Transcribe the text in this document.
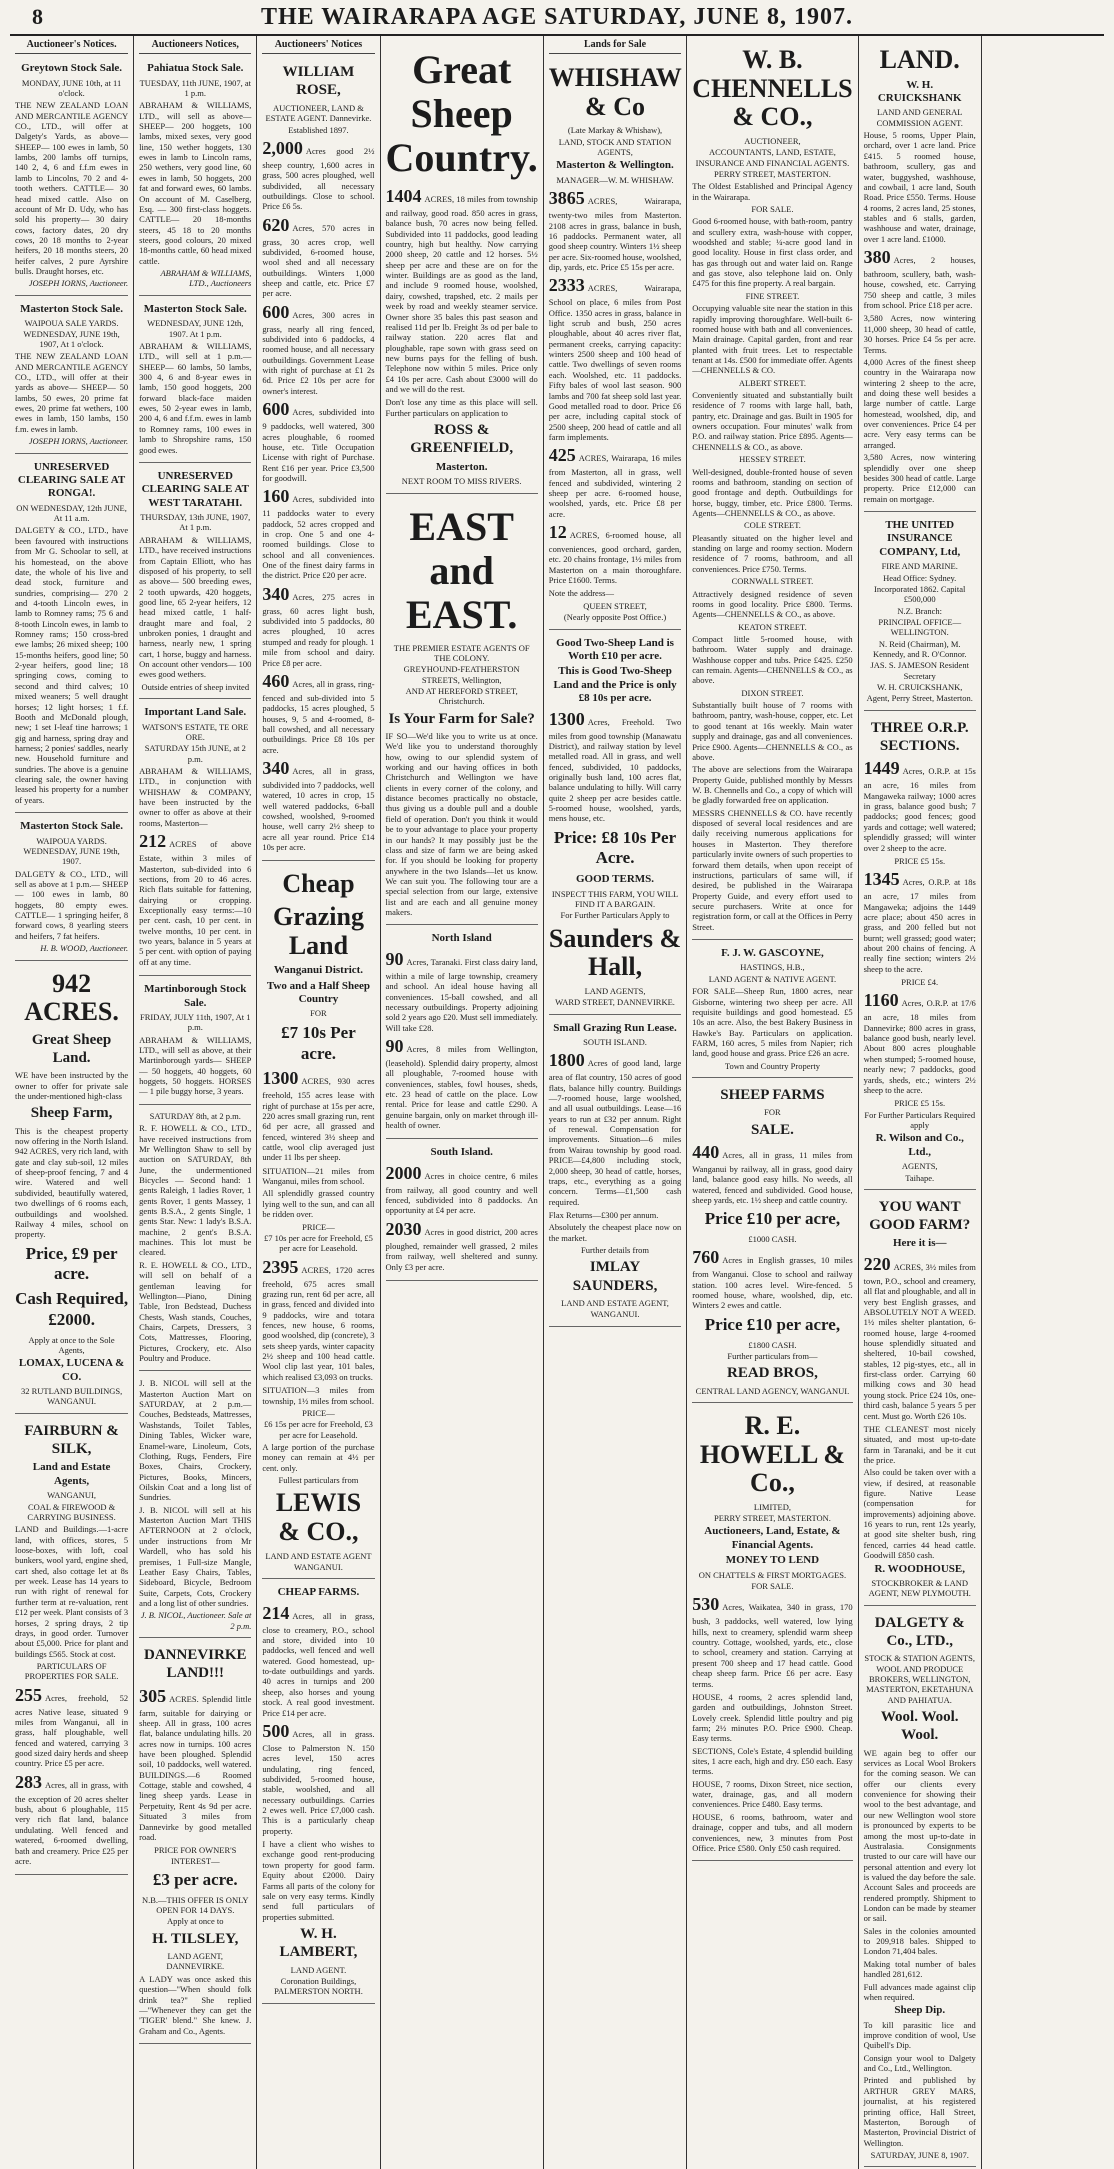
8	THE WAIRARAPA AGE SATURDAY, JUNE 8, 1907.
Auctioneer's Notices.
Greytown Stock Sale.
MONDAY, JUNE 10th, at 11 o'clock.
THE NEW ZEALAND LOAN AND MERCANTILE AGENCY CO., LTD., will offer at Dalgety's Yards, as above— SHEEP— 100 ewes in lamb, 50 lambs, 200 lambs off turnips, 140 2, 4, 6 and f.f.m ewes in lamb to Lincolns, 70 2 and 4-tooth wethers. CATTLE— 30 head mixed cattle. Also on account of Mr D. Udy, who has sold his property— 30 dairy cows, factory dates, 20 dry cows, 20 18 months to 2-year heifers, 20 18 months steers, 20 heifer calves, 2 pure Ayrshire bulls. Draught horses, etc.
JOSEPH IORNS, Auctioneer.
Masterton Stock Sale.
WAIPOUA SALE YARDS. WEDNESDAY, JUNE 19th, 1907, At 1 o'clock.
THE NEW ZEALAND LOAN AND MERCANTILE AGENCY CO., LTD., will offer at their yards as above— SHEEP— 50 lambs, 50 ewes, 20 prime fat ewes, 20 prime fat wethers, 100 ewes in lamb, 150 lambs, 150 f.m. ewes in lamb.
JOSEPH IORNS, Auctioneer.
UNRESERVED CLEARING SALE AT RONGA!.
ON WEDNESDAY, 12th JUNE, At 11 a.m.
DALGETY & CO., LTD., have been favoured with instructions from Mr G. Schoolar to sell, at his homestead, on the above date, the whole of his live and dead stock, furniture and sundries, comprising— 270 2 and 4-tooth Lincoln ewes, in lamb to Romney rams; 75 6 and 8-tooth Lincoln ewes, in lamb to Romney rams; 150 cross-bred ewe lambs; 26 mixed sheep; 100 15-months heifers, good line; 50 2-year heifers, good line; 18 springing cows, coming to second and third calves; 10 mixed weaners; 5 well draught horses; 12 light horses; 1 f.f. Booth and McDonald plough, new; 1 set I-leaf tine harrows; 1 gig and harness, spring dray and harness; 2 ponies' saddles, nearly new. Household furniture and sundries. The above is a genuine clearing sale, the owner having leased his property for a number of years.
Masterton Stock Sale.
WAIPOUA YARDS. WEDNESDAY, JUNE 19th, 1907.
DALGETY & CO., LTD., will sell as above at 1 p.m.— SHEEP— 100 ewes in lamb, 80 hoggets, 80 empty ewes. CATTLE— 1 springing heifer, 8 forward cows, 8 yearling steers and heifers, 7 fat heifers.
H. B. WOOD, Auctioneer.
942 ACRES.
Great Sheep Land.
WE have been instructed by the owner to offer for private sale the under-mentioned high-class
Sheep Farm,
This is the cheapest property now offering in the North Island. 942 ACRES, very rich land, with gate and clay sub-soil, 12 miles of sheep-proof fencing, 7 and 4 wire. Watered and well subdivided, beautifully watered, two dwellings of 6 rooms each, outbuildings and woolshed. Railway 4 miles, school on property.
Price, £9 per acre.
Cash Required, £2000.
Apply at once to the Sole Agents,
LOMAX, LUCENA & CO.
32 RUTLAND BUILDINGS, WANGANUI.
FAIRBURN & SILK,
Land and Estate Agents,
WANGANUI,
COAL & FIREWOOD & CARRYING BUSINESS.
LAND and Buildings.—1-acre land, with offices, stores, 5 loose-boxes, with loft, coal bunkers, wool yard, engine shed, cart shed, also cottage let at 8s per week. Lease has 14 years to run with right of renewal for further term at re-valuation, rent £12 per week. Plant consists of 3 horses, 2 spring drays, 2 tip drays, in good order. Turnover about £5,000. Price for plant and buildings £565. Stock at cost.
PARTICULARS OF PROPERTIES FOR SALE.
255 Acres, freehold, 52 acres Native lease, situated 9 miles from Wanganui, all in grass, half ploughable, well fenced and watered, carrying 3 good sized dairy herds and sheep country. Price £5 per acre.
283 Acres, all in grass, with the exception of 20 acres shelter bush, about 6 ploughable, 115 very rich flat land, balance undulating. Well fenced and watered, 6-roomed dwelling, bath and creamery. Price £25 per acre.
Auctioneers Notices,
Pahiatua Stock Sale.
TUESDAY, 11th JUNE, 1907, at 1 p.m.
ABRAHAM & WILLIAMS, LTD., will sell as above— SHEEP— 200 hoggets, 100 lambs, mixed sexes, very good line, 150 wether hoggets, 130 ewes in lamb to Lincoln rams, 250 wethers, very good line, 60 ewes in lamb, 50 hoggets, 200 fat and forward ewes, 60 lambs. On account of M. Caselberg, Esq. — 300 first-class hoggets. CATTLE— 20 18-months steers, 45 18 to 20 months steers, good colours, 20 mixed 18-months cattle, 60 head mixed cattle.
ABRAHAM & WILLIAMS, LTD., Auctioneers
Masterton Stock Sale.
WEDNESDAY, JUNE 12th, 1907. At 1 p.m.
ABRAHAM & WILLIAMS, LTD., will sell at 1 p.m.— SHEEP— 60 lambs, 50 lambs, 300 4, 6 and 8-year ewes in lamb, 150 good hoggets, 200 forward black-face maiden ewes, 50 2-year ewes in lamb, 200 4, 6 and f.f.m. ewes in lamb to Romney rams, 100 ewes in lamb to Shropshire rams, 150 good ewes.
UNRESERVED CLEARING SALE AT WEST TARATAHI.
THURSDAY, 13th JUNE, 1907, At 1 p.m.
ABRAHAM & WILLIAMS, LTD., have received instructions from Captain Elliott, who has disposed of his property, to sell as above— 500 breeding ewes, 2 tooth upwards, 420 hoggets, good line, 65 2-year heifers, 12 head mixed cattle, 1 half-draught mare and foal, 2 unbroken ponies, 1 draught and harness, nearly new, 1 spring cart, 1 horse, buggy and harness. On account other vendors— 100 ewes good wethers.
Outside entries of sheep invited
Important Land Sale.
WATSON'S ESTATE, TE ORE ORE.
SATURDAY 15th JUNE, at 2 p.m.
ABRAHAM & WILLIAMS, LTD., in conjunction with WHISHAW & COMPANY, have been instructed by the owner to offer as above at their rooms, Masterton—
212 ACRES of above Estate, within 3 miles of Masterton, sub-divided into 6 sections, from 20 to 46 acres. Rich flats suitable for fattening, dairying or cropping. Exceptionally easy terms:—10 per cent. cash, 10 per cent. in twelve months, 10 per cent. in two years, balance in 5 years at 5 per cent. with option of paying off at any time.
Martinborough Stock Sale.
FRIDAY, JULY 11th, 1907, At 1 p.m.
ABRAHAM & WILLIAMS, LTD., will sell as above, at their Martinborough yards— SHEEP— 50 hoggets, 40 hoggets, 60 hoggets, 50 hoggets. HORSES— 1 pile buggy horse, 3 years.
SATURDAY 8th, at 2 p.m.
R. F. HOWELL & CO., LTD., have received instructions from Mr Wellington Shaw to sell by auction on SATURDAY, 8th June, the undermentioned Bicycles — Second hand: 1 gents Raleigh, 1 ladies Rover, 1 gents Rover, 1 gents Massey, 1 gents B.S.A., 2 gents Single, 1 gents Star. New: 1 lady's B.S.A. machine, 2 gent's B.S.A. machines. This lot must be cleared.
R. E. HOWELL & CO., LTD., will sell on behalf of a gentleman leaving for Wellington—Piano, Dining Table, Iron Bedstead, Duchess Chests, Wash stands, Couches, Chairs, Carpets, Dressers, 3 Cots, Mattresses, Flooring, Pictures, Crockery, etc. Also Poultry and Produce.
J. B. NICOL will sell at the Masterton Auction Mart on SATURDAY, at 2 p.m.—Couches, Bedsteads, Mattresses, Washstands, Toilet Tables, Dining Tables, Wicker ware, Enamel-ware, Linoleum, Cots, Clothing, Rugs, Fenders, Fire Boxes, Chairs, Crockery, Pictures, Books, Mincers, Oilskin Coat and a long list of Sundries.
J. B. NICOL will sell at his Masterton Auction Mart THIS AFTERNOON at 2 o'clock, under instructions from Mr Wardell, who has sold his premises, 1 Full-size Mangle, Leather Easy Chairs, Tables, Sideboard, Bicycle, Bedroom Suite, Carpets, Cots, Crockery and a long list of other sundries.
J. B. NICOL, Auctioneer. Sale at 2 p.m.
DANNEVIRKE LAND!!!
305 ACRES. Splendid little farm, suitable for dairying or sheep. All in grass, 100 acres flat, balance undulating hills. 20 acres now in turnips. 100 acres have been ploughed. Splendid soil, 10 paddocks, well watered. BUILDINGS.—6 Roomed Cottage, stable and cowshed, 4 lineg sheep yards. Lease in Perpetuity, Rent 4s 9d per acre. Situated 3 miles from Dannevirke by good metalled road.
PRICE FOR OWNER'S INTEREST—
£3 per acre.
N.B.—THIS OFFER IS ONLY OPEN FOR 14 DAYS.
Apply at once to
H. TILSLEY,
LAND AGENT, DANNEVIRKE.
A LADY was once asked this question—"When should folk drink tea?" She replied—"Whenever they can get the 'TIGER' blend." She knew. J. Graham and Co., Agents.
Auctioneers' Notices
WILLIAM ROSE,
AUCTIONEER, LAND & ESTATE AGENT. Dannevirke.
Established 1897.
2,000 Acres good 2½ sheep country, 1,600 acres in grass, 500 acres ploughed, well subdivided, all necessary outbuildings. Close to school. Price £6 5s.
620 Acres, 570 acres in grass, 30 acres crop, well subdivided, 6-roomed house, wool shed and all necessary outbuildings. Winters 1,000 sheep and cattle, etc. Price £7 per acre.
600 Acres, 300 acres in grass, nearly all ring fenced, subdivided into 6 paddocks, 4 roomed house, and all necessary outbuildings. Government Lease with right of purchase at £1 2s 6d. Price £2 10s per acre for owner's interest.
600 Acres, subdivided into 9 paddocks, well watered, 300 acres ploughable, 6 roomed house, etc. Title Occupation License with right of Purchase. Rent £16 per year. Price £3,500 for goodwill.
160 Acres, subdivided into 11 paddocks water to every paddock, 52 acres cropped and in crop. One 5 and one 4-roomed buildings. Close to school and all conveniences. One of the finest dairy farms in the district. Price £20 per acre.
340 Acres, 275 acres in grass, 60 acres light bush, subdivided into 5 paddocks, 80 acres ploughed, 10 acres stumped and ready for plough. 1 mile from school and dairy. Price £8 per acre.
460 Acres, all in grass, ring-fenced and sub-divided into 5 paddocks, 15 acres ploughed, 5 houses, 9, 5 and 4-roomed, 8-ball cowshed, and all necessary outbuildings. Price £8 10s per acre.
340 Acres, all in grass, subdivided into 7 paddocks, well watered, 10 acres in crop, 15 well watered paddocks, 6-ball cowshed, woolshed, 9-roomed house, well carry 2½ sheep to acre all year round. Price £14 10s per acre.
Cheap
Grazing Land
Wanganui District.
Two and a Half Sheep Country
FOR
£7 10s Per acre.
1300 ACRES, 930 acres freehold, 155 acres lease with right of purchase at 15s per acre, 220 acres small grazing run, rent 6d per acre, all grassed and fenced, wintered 3½ sheep and cattle, wool clip averaged just under 11 lbs per sheep.
SITUATION—21 miles from Wanganui, miles from school.
All splendidly grassed country lying well to the sun, and can all be ridden over.
PRICE—
£7 10s per acre for Freehold, £5 per acre for Leasehold.
2395 ACRES, 1720 acres freehold, 675 acres small grazing run, rent 6d per acre, all in grass, fenced and divided into 9 paddocks, wire and totara fences, new house, 6 rooms, good woolshed, dip (concrete), 3 sets sheep yards, winter capacity 2½ sheep and 100 head cattle. Wool clip last year, 101 bales, which realised £3,093 on trucks.
SITUATION—3 miles from township, 1½ miles from school.
PRICE—
£6 15s per acre for Freehold, £3 per acre for Leasehold.
A large portion of the purchase money can remain at 4½ per cent. only.
Fullest particulars from
LEWIS & CO.,
LAND AND ESTATE AGENT
WANGANUI.
CHEAP FARMS.
214 Acres, all in grass, close to creamery, P.O., school and store, divided into 10 paddocks, well fenced and well watered. Good homestead, up-to-date outbuildings and yards. 40 acres in turnips and 200 sheep, also horses and young stock. A real good investment. Price £14 per acre.
500 Acres, all in grass. Close to Palmerston N. 150 acres level, 150 acres undulating, ring fenced, subdivided, 5-roomed house, stable, woolshed, and all necessary outbuildings. Carries 2 ewes well. Price £7,000 cash. This is a particularly cheap property.
I have a client who wishes to exchange good rent-producing town property for good farm. Equity about £2000. Dairy Farms all parts of the colony for sale on very easy terms. Kindly send full particulars of properties submitted.
W. H. LAMBERT,
LAND AGENT.
Coronation Buildings, PALMERSTON NORTH.
Great Sheep Country.
1404 ACRES, 18 miles from township and railway, good road. 850 acres in grass, balance bush, 70 acres now being felled. Subdivided into 11 paddocks, good leading country, high but healthy. Now carrying 2000 sheep, 20 cattle and 12 horses. 5½ sheep per acre and these are on for the winter. Buildings are as good as the land, and include 9 roomed house, woolshed, dairy, cowshed, trapshed, etc. 2 mails per week by road and weekly steamer service. Owner shore 35 bales this past season and realised 11d per lb. Freight 3s od per bale to railway station. 220 acres flat and ploughable, rape sown with grass seed on new burns pays for the felling of bush. Telephone now within 5 miles. Price only £4 10s per acre. Cash about £3000 will do and we will do the rest.
Don't lose any time as this place will sell. Further particulars on application to
ROSS & GREENFIELD,
Masterton.
NEXT ROOM TO MISS RIVERS.
EAST and EAST.
THE PREMIER ESTATE AGENTS OF THE COLONY.
GREYHOUND-FEATHERSTON STREETS, Wellington,
AND AT HEREFORD STREET, Christchurch.
Is Your Farm for Sale?
IF SO—We'd like you to write us at once. We'd like you to understand thoroughly how, owing to our splendid system of working and our having offices in both Christchurch and Wellington we have clients in every corner of the colony, and distance becomes practically no obstacle, thus giving us a double pull and a double field of operation. Don't you think it would be to your advantage to place your property in our hands? It may possibly just be the class and size of farm we are being asked for. If you should be looking for property anywhere in the two Islands—let us know. We can suit you. The following tour are a special selection from our large, extensive list and are each and all genuine money makers.
North Island
90 Acres, Taranaki. First class dairy land, within a mile of large township, creamery and school. An ideal house having all conveniences. 15-ball cowshed, and all necessary outbuildings. Property adjoining sold 2 years ago £20. Must sell immediately. Will take £28.
90 Acres, 8 miles from Wellington, (leasehold). Splendid dairy property, almost all ploughable, 7-roomed house with conveniences, stables, fowl houses, sheds, etc. 23 head of cattle on the place. Low rental. Price for lease and cattle £290. A genuine bargain, only on market through ill-health of owner.
South Island.
2000 Acres in choice centre, 6 miles from railway, all good country and well fenced, subdivided into 8 paddocks. An opportunity at £4 per acre.
2030 Acres in good district, 200 acres ploughed, remainder well grassed, 2 miles from railway, well sheltered and sunny. Only £3 per acre.
Lands for Sale
WHISHAW & Co
(Late Markay & Whishaw),
LAND, STOCK AND STATION AGENTS,
Masterton & Wellington.
MANAGER—W. M. WHISHAW.
3865 ACRES, Wairarapa, twenty-two miles from Masterton. 2108 acres in grass, balance in bush, 16 paddocks. Permanent water, all good sheep country. Winters 1½ sheep per acre. Six-roomed house, woolshed, dip, yards, etc. Price £5 15s per acre.
2333 ACRES, Wairarapa, School on place, 6 miles from Post Office. 1350 acres in grass, balance in light scrub and bush, 250 acres ploughable, about 40 acres river flat, permanent creeks, carrying capacity: winters 2500 sheep and 100 head of cattle. Two dwellings of seven rooms each. Woolshed, etc. 11 paddocks. Fifty bales of wool last season. 900 lambs and 700 fat sheep sold last year. Good metalled road to door. Price £6 per acre, including capital stock of 2500 sheep, 200 head of cattle and all farm implements.
425 ACRES, Wairarapa, 16 miles from Masterton, all in grass, well fenced and subdivided, wintering 2 sheep per acre. 6-roomed house, woolshed, yards, etc. Price £8 per acre.
12 ACRES, 6-roomed house, all conveniences, good orchard, garden, etc. 20 chains frontage, 1½ miles from Masterton on a main thoroughfare. Price £1600. Terms.
Note the address—
QUEEN STREET,
(Nearly opposite Post Office.)
Good Two-Sheep Land is Worth £10 per acre.
This is Good Two-Sheep Land and the Price is only £8 10s per acre.
1300 Acres, Freehold. Two miles from good township (Manawatu District), and railway station by level metalled road. All in grass, and well fenced, subdivided, 10 paddocks, originally bush land, 100 acres flat, balance undulating to hilly. Will carry quite 2 sheep per acre besides cattle. 5-roomed house, woolshed, yards, mens house, etc.
Price: £8 10s Per Acre.
GOOD TERMS.
INSPECT THIS FARM, YOU WILL FIND IT A BARGAIN.
For Further Particulars Apply to
Saunders & Hall,
LAND AGENTS,
WARD STREET, DANNEVIRKE.
Small Grazing Run Lease.
SOUTH ISLAND.
1800 Acres of good land, large area of flat country, 150 acres of good flats, balance hilly country. Buildings—7-roomed house, large woolshed, and all usual outbuildings. Lease—16 years to run at £32 per annum. Right of renewal. Compensation for improvements. Situation—6 miles from Wairau township by good road. PRICE—£4,800 including stock, 2,000 sheep, 30 head of cattle, horses, traps, etc., everything as a going concern. Terms—£1,500 cash required.
Flax Returns—£300 per annum.
Absolutely the cheapest place now on the market.
Further details from
IMLAY SAUNDERS,
LAND AND ESTATE AGENT,
WANGANUI.
W. B. CHENNELLS & CO.,
AUCTIONEER,
ACCOUNTANTS, LAND, ESTATE, INSURANCE AND FINANCIAL AGENTS.
PERRY STREET, MASTERTON.
The Oldest Established and Principal Agency in the Wairarapa.
FOR SALE.
Good 6-roomed house, with bath-room, pantry and scullery extra, wash-house with copper, woodshed and stable; ¼-acre good land in good locality. House in first class order, and has gas through out and water laid on. Range and gas stove, also telephone laid on. Only £475 for this fine property. A real bargain.
FINE STREET.
Occupying valuable site near the station in this rapidly improving thoroughfare. Well-built 6-roomed house with bath and all conveniences. Main drainage. Capital garden, front and rear planted with fruit trees. Let to respectable tenant at 14s. £500 for immediate offer. Agents—CHENNELLS & CO.
ALBERT STREET.
Conveniently situated and substantially built residence of 7 rooms with large hall, bath, pantry, etc. Drainage and gas. Built in 1905 for owners occupation. Four minutes' walk from P.O. and railway station. Price £895. Agents—CHENNELLS & CO., as above.
HESSEY STREET.
Well-designed, double-fronted house of seven rooms and bathroom, standing on section of good frontage and depth. Outbuildings for horse, buggy, timber, etc. Price £800. Terms. Agents—CHENNELLS & CO., as above.
COLE STREET.
Pleasantly situated on the higher level and standing on large and roomy section. Modern residence of 7 rooms, bathroom, and all conveniences. Price £750. Terms.
CORNWALL STREET.
Attractively designed residence of seven rooms in good locality. Price £800. Terms. Agents—CHENNELLS & CO., as above.
KEATON STREET.
Compact little 5-roomed house, with bathroom. Water supply and drainage. Washhouse copper and tubs. Price £425. £250 can remain. Agents—CHENNELLS & CO., as above.
DIXON STREET.
Substantially built house of 7 rooms with bathroom, pantry, wash-house, copper, etc. Let to good tenant at 16s weekly. Main water supply and drainage, gas and all conveniences. Price £900. Agents—CHENNELLS & CO., as above.
The above are selections from the Wairarapa Property Guide, published monthly by Messrs W. B. Chennells and Co., a copy of which will be gladly forwarded free on application.
MESSRS CHENNELLS & CO. have recently disposed of several local residences and are daily receiving numerous applications for houses in Masterton. They therefore particularly invite owners of such properties to forward them details, when upon receipt of instructions, particulars of same will, if desired, be published in the Wairarapa Property Guide, and every effort used to secure purchasers. Write at once for registration form, or call at the Offices in Perry Street.
F. J. W. GASCOYNE,
HASTINGS, H.B.,
LAND AGENT & NATIVE AGENT.
FOR SALE—Sheep Run, 1800 acres, near Gisborne, wintering two sheep per acre. All requisite buildings and good homestead. £5 10s an acre. Also, the best Bakery Business in Hawke's Bay. Particulars on application. FARM, 160 acres, 5 miles from Napier; rich land, good house and grass. Price £26 an acre.
Town and Country Property
SHEEP FARMS
FOR
SALE.
440 Acres, all in grass, 11 miles from Wanganui by railway, all in grass, good dairy land, balance good easy hills. No weeds, all watered, fenced and subdivided. Good house, sheep yards, etc. 1½ sheep and cattle country.
Price £10 per acre,
£1000 CASH.
760 Acres in English grasses, 10 miles from Wanganui. Close to school and railway station. 100 acres level. Wire-fenced. 5 roomed house, whare, woolshed, dip, etc. Winters 2 ewes and cattle.
Price £10 per acre,
£1800 CASH.
Further particulars from—
READ BROS,
CENTRAL LAND AGENCY, WANGANUI.
R. E. HOWELL & Co.,
LIMITED,
PERRY STREET, MASTERTON.
Auctioneers, Land, Estate, & Financial Agents.
MONEY TO LEND
ON CHATTELS & FIRST MORTGAGES.
FOR SALE.
530 Acres, Waikatea, 340 in grass, 170 bush, 3 paddocks, well watered, low lying hills, next to creamery, splendid warm sheep country. Cottage, woolshed, yards, etc., close to school, creamery and station. Carrying at present 700 sheep and 17 head cattle. Good cheap sheep farm. Price £6 per acre. Easy terms.
HOUSE, 4 rooms, 2 acres splendid land, garden and outbuildings, Johnston Street. Lovely creek. Splendid little poultry and pig farm; 2½ minutes P.O. Price £900. Cheap. Easy terms.
SECTIONS, Cole's Estate, 4 splendid building sites, 1 acre each, high and dry. £50 each. Easy terms.
HOUSE, 7 rooms, Dixon Street, nice section, water, drainage, gas, and all modern conveniences. Price £480. Easy terms.
HOUSE, 6 rooms, bathroom, water and drainage, copper and tubs, and all modern conveniences, new, 3 minutes from Post Office. Price £580. Only £50 cash required.
LAND.
W. H. CRUICKSHANK
LAND AND GENERAL COMMISSION AGENT.
House, 5 rooms, Upper Plain, orchard, over 1 acre land. Price £415. 5 roomed house, bathroom, scullery, gas and water, buggyshed, washhouse, and cowbail, 1 acre land, South Road. Price £550. Terms. House 4 rooms, 2 acres land, 25 stones, stables and 6 stalls, garden, washhouse and water, drainage, over 1 acre land. £1000.
380 Acres, 2 houses, bathroom, scullery, bath, wash-house, cowshed, etc. Carrying 750 sheep and cattle, 3 miles from school. Price £18 per acre.
3,580 Acres, now wintering 11,000 sheep, 30 head of cattle, 30 horses. Price £4 5s per acre. Terms.
4,000 Acres of the finest sheep country in the Wairarapa now wintering 2 sheep to the acre, and doing these well besides a large number of cattle. Large homestead, woolshed, dip, and over conveniences. Price £4 per acre. Very easy terms can be arranged.
3,580 Acres, now wintering splendidly over one sheep besides 300 head of cattle. Large property. Price £12,000 can remain on mortgage.
THE UNITED INSURANCE COMPANY, Ltd,
FIRE AND MARINE.
Head Office: Sydney.
Incorporated 1862. Capital £500,000
N.Z. Branch:
PRINCIPAL OFFICE—WELLINGTON.
N. Reid (Chairman), M. Kennedy, and R. O'Connor.
JAS. S. JAMESON Resident Secretary
W. H. CRUICKSHANK,
Agent, Perry Street, Masterton.
THREE O.R.P. SECTIONS.
1449 Acres, O.R.P. at 15s an acre, 16 miles from Mangaweka railway; 1000 acres in grass, balance good bush; 7 paddocks; good fences; good yards and cottage; well watered; splendidly grassed; will winter over 2 sheep to the acre.
PRICE £5 15s.
1345 Acres, O.R.P. at 18s an acre, 17 miles from Mangaweka; adjoins the 1449 acre place; about 450 acres in grass, and 200 felled but not burnt; well grassed; good water; about 200 chains of fencing. A really fine section; winters 2½ sheep to the acre.
PRICE £4.
1160 Acres, O.R.P. at 17/6 an acre, 18 miles from Dannevirke; 800 acres in grass, balance good bush, nearly level. About 800 acres ploughable when stumped; 5-roomed house, nearly new; 7 paddocks, good yards, sheds, etc.; winters 2½ sheep to the acre.
PRICE £5 15s.
For Further Particulars Required apply
R. Wilson and Co., Ltd.,
AGENTS,
Taihape.
YOU WANT GOOD FARM?
Here it is—
220 ACRES, 3½ miles from town, P.O., school and creamery, all flat and ploughable, and all in very best English grasses, and ABSOLUTELY NOT A WEED. 1½ miles shelter plantation, 6-roomed house, large 4-roomed house splendidly situated and sheltered, 10-bail cowshed, stables, 12 pig-styes, etc., all in first-class order. Carrying 60 milking cows and 30 head young stock. Price £24 10s, one-third cash, balance 5 years 5 per cent. Must go. Worth £26 10s.
THE CLEANEST most nicely situated, and most up-to-date farm in Taranaki, and be it cut the price.
Also could be taken over with a view, if desired, at reasonable figure. Native Lease (compensation for improvements) adjoining above. 16 years to run, rent 12s yearly, at good site shelter bush, ring fenced, carries 44 head cattle. Goodwill £850 cash.
R. WOODHOUSE,
STOCKBROKER & LAND AGENT, NEW PLYMOUTH.
DALGETY & Co., LTD.,
STOCK & STATION AGENTS, WOOL AND PRODUCE BROKERS, WELLINGTON, MASTERTON, EKETAHUNA AND PAHIATUA.
Wool. Wool. Wool.
WE again beg to offer our services as Local Wool Brokers for the coming season. We can offer our clients every convenience for showing their wool to the best advantage, and our new Wellington wool store is pronounced by experts to be among the most up-to-date in Australasia. Consignments trusted to our care will have our personal attention and every lot is valued the day before the sale. Account Sales and proceeds are rendered promptly. Shipment to London can be made by steamer or sail.
Sales in the colonies amounted to 209,918 bales. Shipped to London 71,404 bales.
Making total number of bales handled 281,612.
Full advances made against clip when required.
Sheep Dip.
To kill parasitic lice and improve condition of wool, Use Quibell's Dip.
Consign your wool to Dalgety and Co., Ltd., Wellington.
Printed and published by ARTHUR GREY MARS, journalist, at his registered printing office, Hall Street, Masterton, Borough of Masterton, Provincial District of Wellington.
SATURDAY, JUNE 8, 1907.
